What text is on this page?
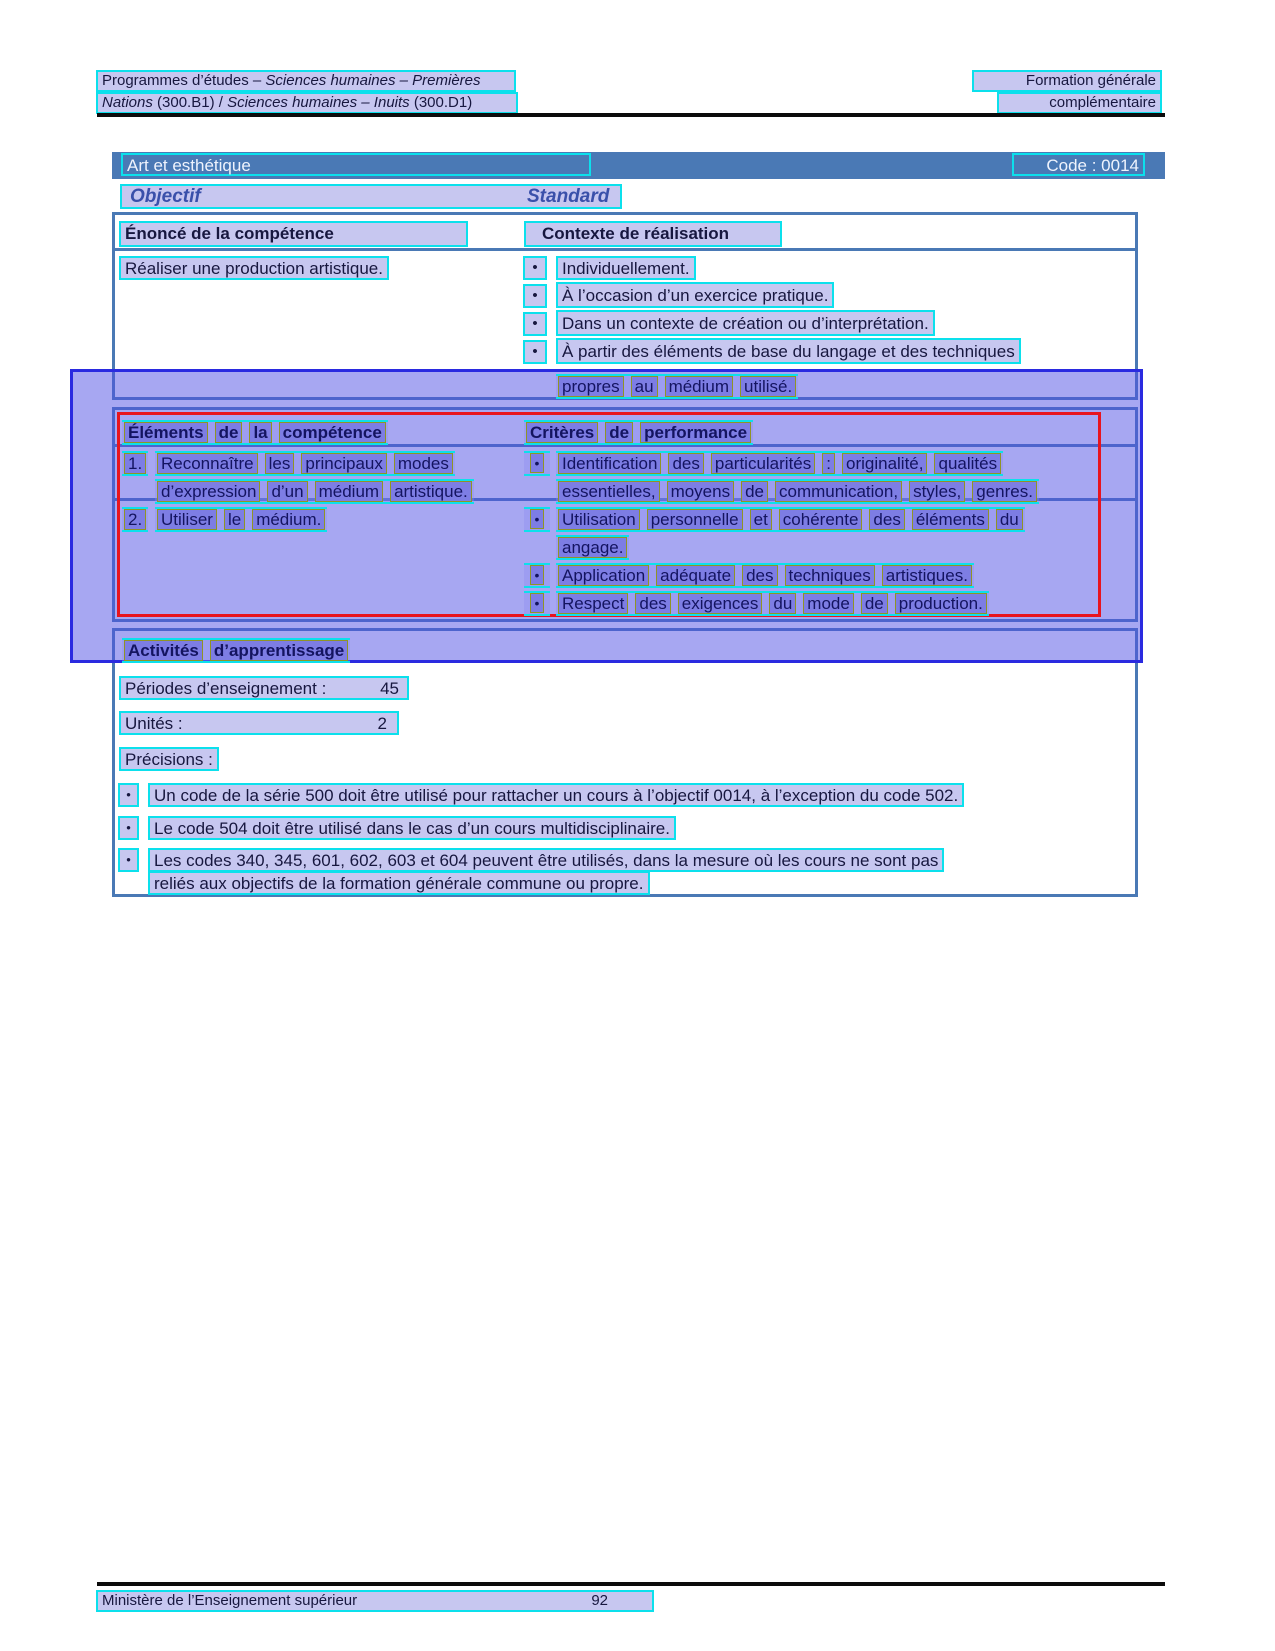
Programmes d’études – Sciences humaines – Premières	Formation générale
Nations (300.B1) / Sciences humaines – Inuits (300.D1)	complémentaire
Art et esthétique	Code : 0014
Objectif	Standard
Énoncé de la compétence	Contexte de réalisation
Réaliser une production artistique.	•	Individuellement.
•	À l’occasion d’un exercice pratique.
•	Dans un contexte de création ou d’interprétation.
•	À partir des éléments de base du langage et des techniques
propres au médium utilisé.
Éléments de la compétence	Critères de performance
1. Reconnaître les principaux modes	•	Identification des particularités : originalité, qualités
d’expression d’un médium artistique.	essentielles, moyens de communication, styles, genres.
2. Utiliser le médium.	•	Utilisation personnelle et cohérente des éléments du
angage.
•	Application adéquate des techniques artistiques.
•	Respect des exigences du mode de production.
Activités d’apprentissage
Périodes d’enseignement :	45
Unités :	2
Précisions :
•	Un code de la série 500 doit être utilisé pour rattacher un cours à l’objectif 0014, à l’exception du code 502.
•	Le code 504 doit être utilisé dans le cas d’un cours multidisciplinaire.
•	Les codes 340, 345, 601, 602, 603 et 604 peuvent être utilisés, dans la mesure où les cours ne sont pas
reliés aux objectifs de la formation générale commune ou propre.
Ministère de l’Enseignement supérieur	92
